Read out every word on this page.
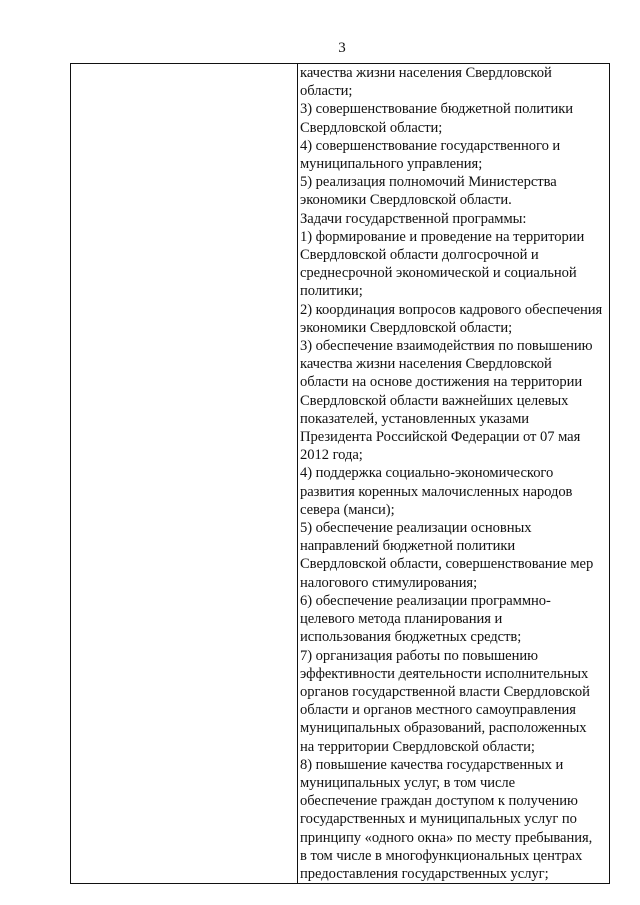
3

качества жизни населения Свердловской
области;
3) совершенствование бюджетной политики
Свердловской области;
4) совершенствование государственного и
муниципального управления;
5) реализация полномочий Министерства
экономики Свердловской области.
Задачи государственной программы:
1) формирование и проведение на территории
Свердловской области долгосрочной и
среднесрочной экономической и социальной
политики;
2) координация вопросов кадрового обеспечения
экономики Свердловской области;
3) обеспечение взаимодействия по повышению
качества жизни населения Свердловской
области на основе достижения на территории
Свердловской области важнейших целевых
показателей, установленных указами
Президента Российской Федерации от 07 мая
2012 года;
4) поддержка социально-экономического
развития коренных малочисленных народов
севера (манси);
5) обеспечение реализации основных
направлений бюджетной политики
Свердловской области, совершенствование мер
налогового стимулирования;
6) обеспечение реализации программно-
целевого метода планирования и
использования бюджетных средств;
7) организация работы по повышению
эффективности деятельности исполнительных
органов государственной власти Свердловской
области и органов местного самоуправления
муниципальных образований, расположенных
на территории Свердловской области;
8) повышение качества государственных и
муниципальных услуг, в том числе
обеспечение граждан доступом к получению
государственных и муниципальных услуг по
принципу «одного окна» по месту пребывания,
в том числе в многофункциональных центрах
предоставления государственных услуг;
